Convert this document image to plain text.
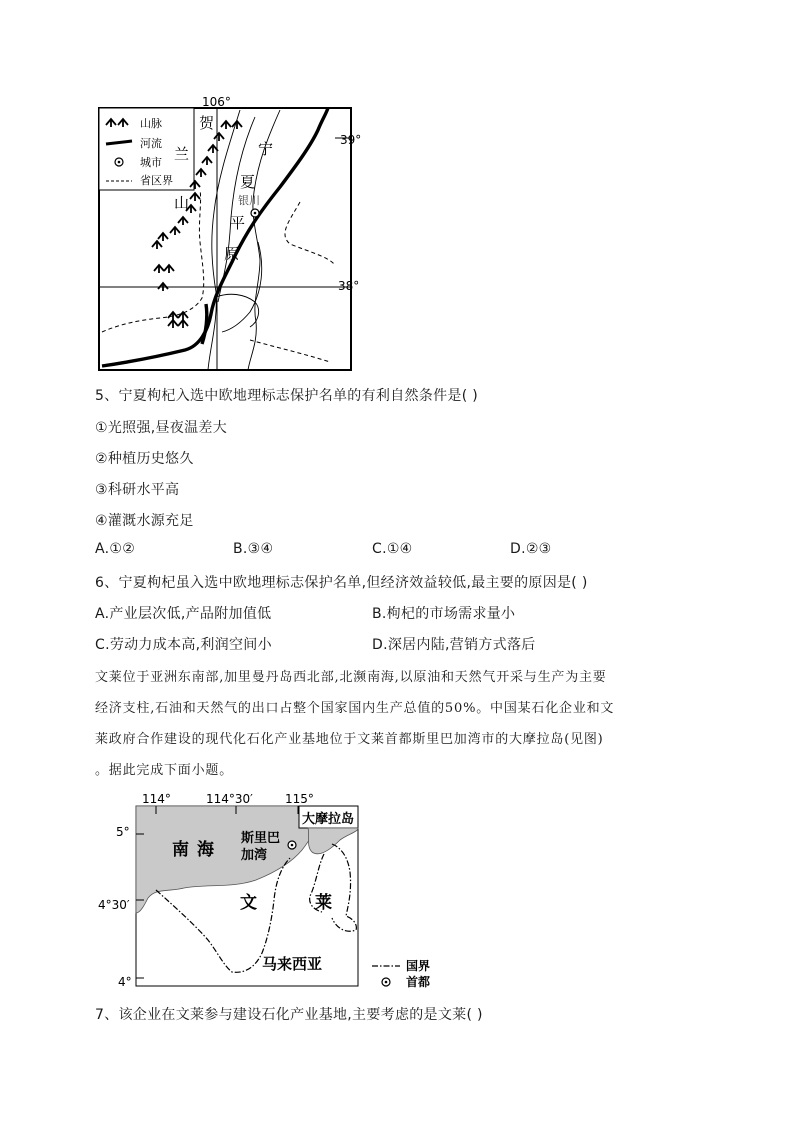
106°
39°
38°
山脉
河流
城市
省区界
贺
兰
山
宁
夏
银川
平
原
5、宁夏枸杞入选中欧地理标志保护名单的有利自然条件是( )
①光照强,昼夜温差大
②种植历史悠久
③科研水平高
④灌溉水源充足
A.①②	B.③④	C.①④	D.②③
6、宁夏枸杞虽入选中欧地理标志保护名单,但经济效益较低,最主要的原因是( )
A.产业层次低,产品附加值低	B.枸杞的市场需求量小
C.劳动力成本高,利润空间小	D.深居内陆,营销方式落后
文莱位于亚洲东南部,加里曼丹岛西北部,北濒南海,以原油和天然气开采与生产为主要
经济支柱,石油和天然气的出口占整个国家国内生产总值的50%。中国某石化企业和文
莱政府合作建设的现代化石化产业基地位于文莱首都斯里巴加湾市的大摩拉岛(见图)
。据此完成下面小题。
114°	114°30′	115°
5°
4°30′
4°
南海
大摩拉岛
斯里巴
加湾
文	莱
马来西亚	国界
首都
7、该企业在文莱参与建设石化产业基地,主要考虑的是文莱( )
